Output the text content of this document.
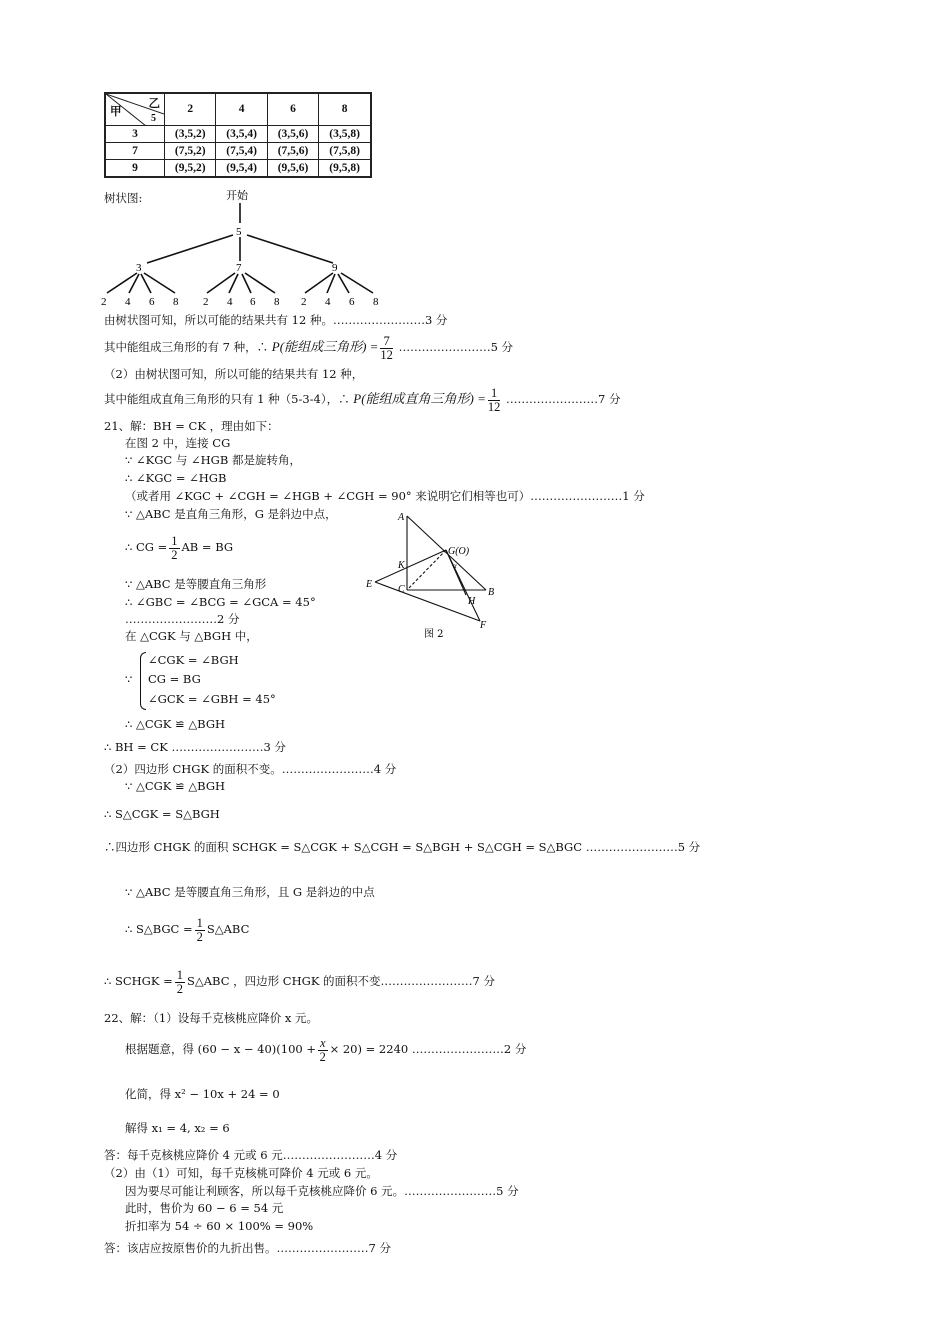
乙
5
甲	2	4	6	8
3	(3,5,2)	(3,5,4)	(3,5,6)	(3,5,8)
7	(7,5,2)	(7,5,4)	(7,5,6)	(7,5,8)
9	(9,5,2)	(9,5,4)	(9,5,6)	(9,5,8)
树状图:	开始
5
3	7	9
2 4 6 8 2 4 6 8 2 4 6 8
由树状图可知，所以可能的结果共有 12 种。……………………3 分
其中能组成三角形的有 7 种，∴ P(能组成三角形) = $\frac{7}{12}$ ……………………5 分
（2）由树状图可知，所以可能的结果共有 12 种，
其中能组成直角三角形的只有 1 种（5-3-4），∴ P(能组成直角三角形) = $\frac{1}{12}$ ……………………7 分
21、解：BH = CK ，理由如下：
在图 2 中，连接 CG
∵ ∠KGC 与 ∠HGB 都是旋转角，
∴ ∠KGC = ∠HGB
（或者用 ∠KGC + ∠CGH = ∠HGB + ∠CGH = 90° 来说明它们相等也可）……………………1 分
∵ △ABC 是直角三角形，G 是斜边中点，
∴ CG = $\frac{1}{2}$ AB = BG
∵ △ABC 是等腰直角三角形
∴ ∠GBC = ∠BCG = ∠GCA = 45°
……………………2 分
在 △CGK 与 △BGH 中，
∵
∠CGK = ∠BGH
CG = BG
∠GCK = ∠GBH = 45°
∴ △CGK ≌ △BGH
∴ BH = CK ……………………3 分
（2）四边形 CHGK 的面积不变。……………………4 分
∵ △CGK ≌ △BGH
∴ S△CGK = S△BGH
∴四边形 CHGK 的面积 SCHGK = S△CGK + S△CGH = S△BGH + S△CGH = S△BGC ……………………5 分
∵ △ABC 是等腰直角三角形，且 G 是斜边的中点
∴ S△BGC = $\frac{1}{2}$ S△ABC
∴ SCHGK = $\frac{1}{2}$ S△ABC ，四边形 CHGK 的面积不变……………………7 分
A
K
G(O)
E	C	B
H
F
α
图 2
22、解：（1）设每千克核桃应降价 x 元。
根据题意，得 $(60 - x - 40)(100 + \frac{x}{2} \times 20) = 2240$ ……………………2 分
化简，得 x² − 10x + 24 = 0
解得 x₁ = 4, x₂ = 6
答：每千克核桃应降价 4 元或 6 元……………………4 分
（2）由（1）可知，每千克核桃可降价 4 元或 6 元。
因为要尽可能让利顾客，所以每千克核桃应降价 6 元。……………………5 分
此时，售价为 60 − 6 = 54 元
折扣率为 54 ÷ 60 × 100% = 90%
答：该店应按原售价的九折出售。……………………7 分
